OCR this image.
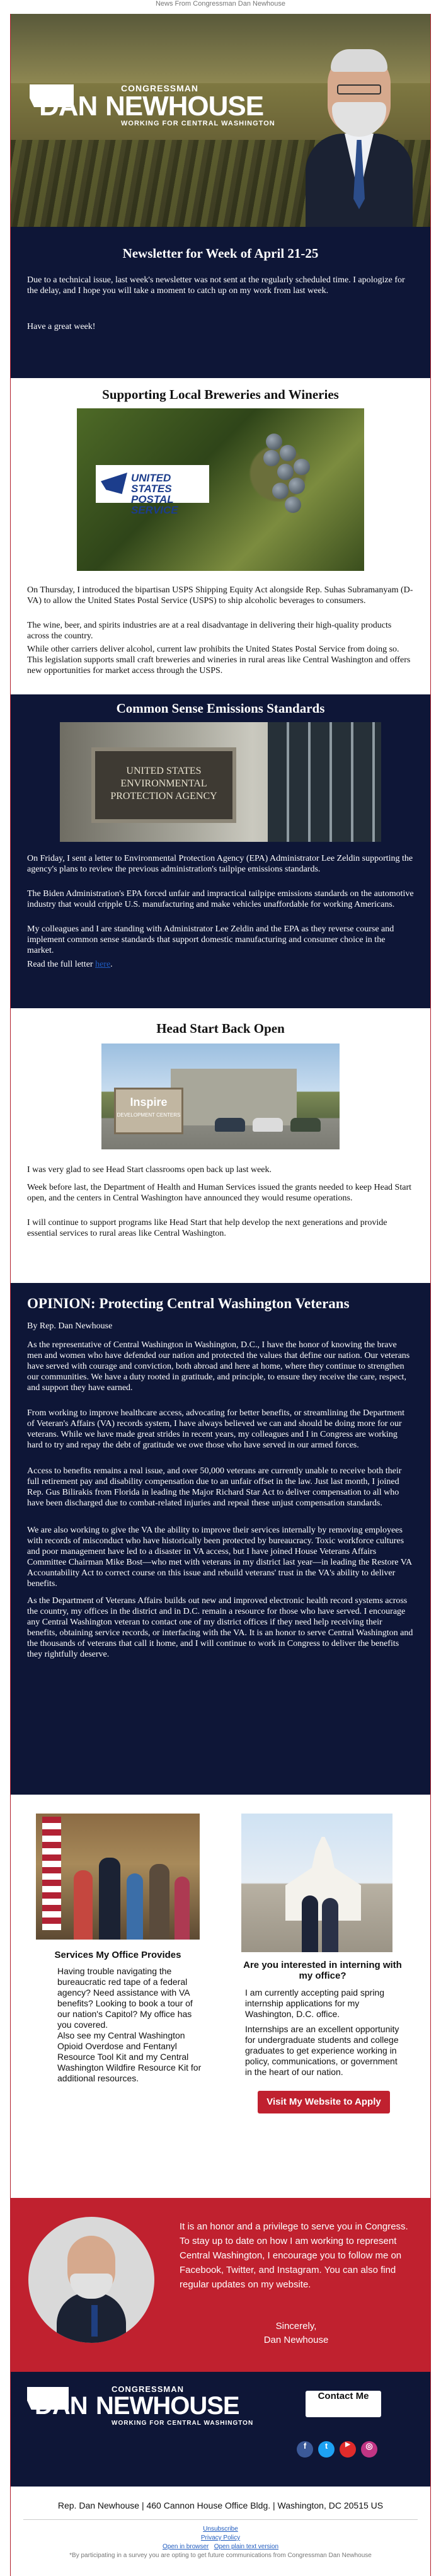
News From Congressman Dan Newhouse
CONGRESSMAN
DAN NEWHOUSE
WORKING FOR CENTRAL WASHINGTON
Newsletter for Week of April 21-25

Due to a technical issue, last week's newsletter was not sent at the regularly scheduled time. I apologize for the delay, and I hope you will take a moment to catch up on my work from last week.

Have a great week!

Supporting Local Breweries and Wineries
UNITED STATES
POSTAL SERVICE

On Thursday, I introduced the bipartisan USPS Shipping Equity Act alongside Rep. Suhas Subramanyam (D-VA) to allow the United States Postal Service (USPS) to ship alcoholic beverages to consumers.

The wine, beer, and spirits industries are at a real disadvantage in delivering their high-quality products across the country.

While other carriers deliver alcohol, current law prohibits the United States Postal Service from doing so. This legislation supports small craft breweries and wineries in rural areas like Central Washington and offers new opportunities for market access through the USPS.

Common Sense Emissions Standards
UNITED STATES
ENVIRONMENTAL
PROTECTION AGENCY

On Friday, I sent a letter to Environmental Protection Agency (EPA) Administrator Lee Zeldin supporting the agency's plans to review the previous administration's tailpipe emissions standards.

The Biden Administration's EPA forced unfair and impractical tailpipe emissions standards on the automotive industry that would cripple U.S. manufacturing and make vehicles unaffordable for working Americans.

My colleagues and I are standing with Administrator Lee Zeldin and the EPA as they reverse course and implement common sense standards that support domestic manufacturing and consumer choice in the market.

Read the full letter here.

Head Start Back Open
Inspire
DEVELOPMENT CENTERS

I was very glad to see Head Start classrooms open back up last week.

Week before last, the Department of Health and Human Services issued the grants needed to keep Head Start open, and the centers in Central Washington have announced they would resume operations.

I will continue to support programs like Head Start that help develop the next generations and provide essential services to rural areas like Central Washington.

OPINION: Protecting Central Washington Veterans

By Rep. Dan Newhouse

As the representative of Central Washington in Washington, D.C., I have the honor of knowing the brave men and women who have defended our nation and protected the values that define our nation. Our veterans have served with courage and conviction, both abroad and here at home, where they continue to strengthen our communities. We have a duty rooted in gratitude, and principle, to ensure they receive the care, respect, and support they have earned.

From working to improve healthcare access, advocating for better benefits, or streamlining the Department of Veteran's Affairs (VA) records system, I have always believed we can and should be doing more for our veterans. While we have made great strides in recent years, my colleagues and I in Congress are working hard to try and repay the debt of gratitude we owe those who have served in our armed forces.

Access to benefits remains a real issue, and over 50,000 veterans are currently unable to receive both their full retirement pay and disability compensation due to an unfair offset in the law. Just last month, I joined Rep. Gus Bilirakis from Florida in leading the Major Richard Star Act to deliver compensation to all who have been discharged due to combat-related injuries and repeal these unjust compensation standards.

We are also working to give the VA the ability to improve their services internally by removing employees with records of misconduct who have historically been protected by bureaucracy. Toxic workforce cultures and poor management have led to a disaster in VA access, but I have joined House Veterans Affairs Committee Chairman Mike Bost—who met with veterans in my district last year—in leading the Restore VA Accountability Act to correct course on this issue and rebuild veterans' trust in the VA's ability to deliver benefits.

As the Department of Veterans Affairs builds out new and improved electronic health record systems across the country, my offices in the district and in D.C. remain a resource for those who have served. I encourage any Central Washington veteran to contact one of my district offices if they need help receiving their benefits, obtaining service records, or interfacing with the VA. It is an honor to serve Central Washington and the thousands of veterans that call it home, and I will continue to work in Congress to deliver the benefits they rightfully deserve.

Services My Office Provides
Having trouble navigating the bureaucratic red tape of a federal agency? Need assistance with VA benefits? Looking to book a tour of our nation's Capitol? My office has you covered.
Also see my Central Washington Opioid Overdose and Fentanyl Resource Tool Kit and my Central Washington Wildfire Resource Kit for additional resources.
Are you interested in interning with my office?
I am currently accepting paid spring internship applications for my Washington, D.C. office.
Internships are an excellent opportunity for undergraduate students and college graduates to get experience working in policy, communications, or government in the heart of our nation.
Visit My Website to Apply
It is an honor and a privilege to serve you in Congress. To stay up to date on how I am working to represent Central Washington, I encourage you to follow me on Facebook, Twitter, and Instagram. You can also find regular updates on my website.
Sincerely,
Dan Newhouse
CONGRESSMAN
DAN NEWHOUSE
WORKING FOR CENTRAL WASHINGTON
Contact Me
f	t	▶	◎
Rep. Dan Newhouse | 460 Cannon House Office Bldg. | Washington, DC 20515 US
Unsubscribe
Privacy Policy
Open in browser Open plain text version
*By participating in a survey you are opting to get future communications from Congressman Dan Newhouse
